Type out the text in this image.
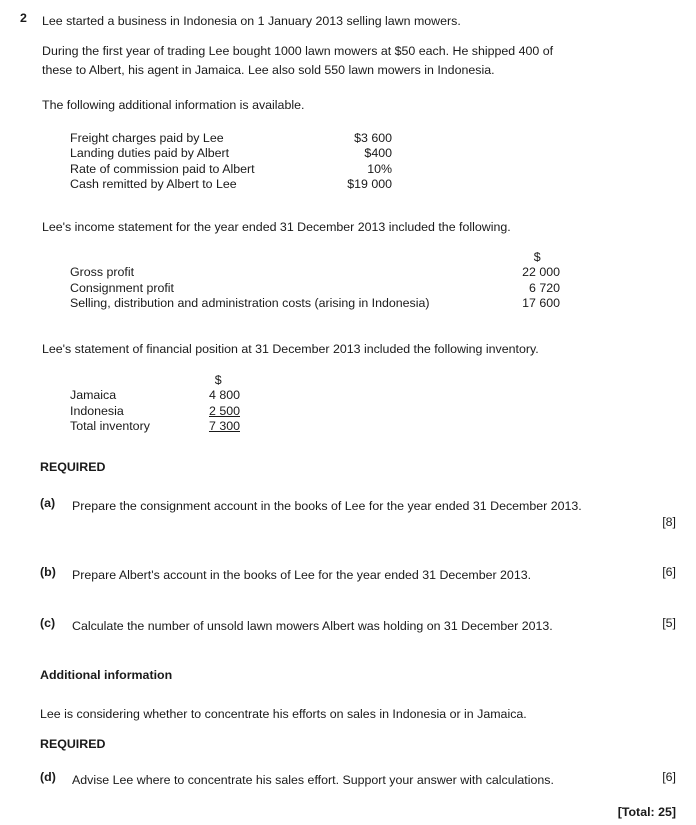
2 Lee started a business in Indonesia on 1 January 2013 selling lawn mowers.
During the first year of trading Lee bought 1000 lawn mowers at $50 each. He shipped 400 of
these to Albert, his agent in Jamaica. Lee also sold 550 lawn mowers in Indonesia.
The following additional information is available.
Freight charges paid by Lee	$3 600
Landing duties paid by Albert	$400
Rate of commission paid to Albert	10%
Cash remitted by Albert to Lee	$19 000
Lee's income statement for the year ended 31 December 2013 included the following.
	$
Gross profit	22 000
Consignment profit	6 720
Selling, distribution and administration costs (arising in Indonesia)	17 600
Lee's statement of financial position at 31 December 2013 included the following inventory.
	$
Jamaica	4 800
Indonesia	2 500
Total inventory	7 300
REQUIRED
(a) Prepare the consignment account in the books of Lee for the year ended 31 December 2013.
[8]
(b) Prepare Albert's account in the books of Lee for the year ended 31 December 2013.	[6]
(c) Calculate the number of unsold lawn mowers Albert was holding on 31 December 2013.	[5]
Additional information
Lee is considering whether to concentrate his efforts on sales in Indonesia or in Jamaica.
REQUIRED
(d) Advise Lee where to concentrate his sales effort. Support your answer with calculations.	[6]
[Total: 25]
